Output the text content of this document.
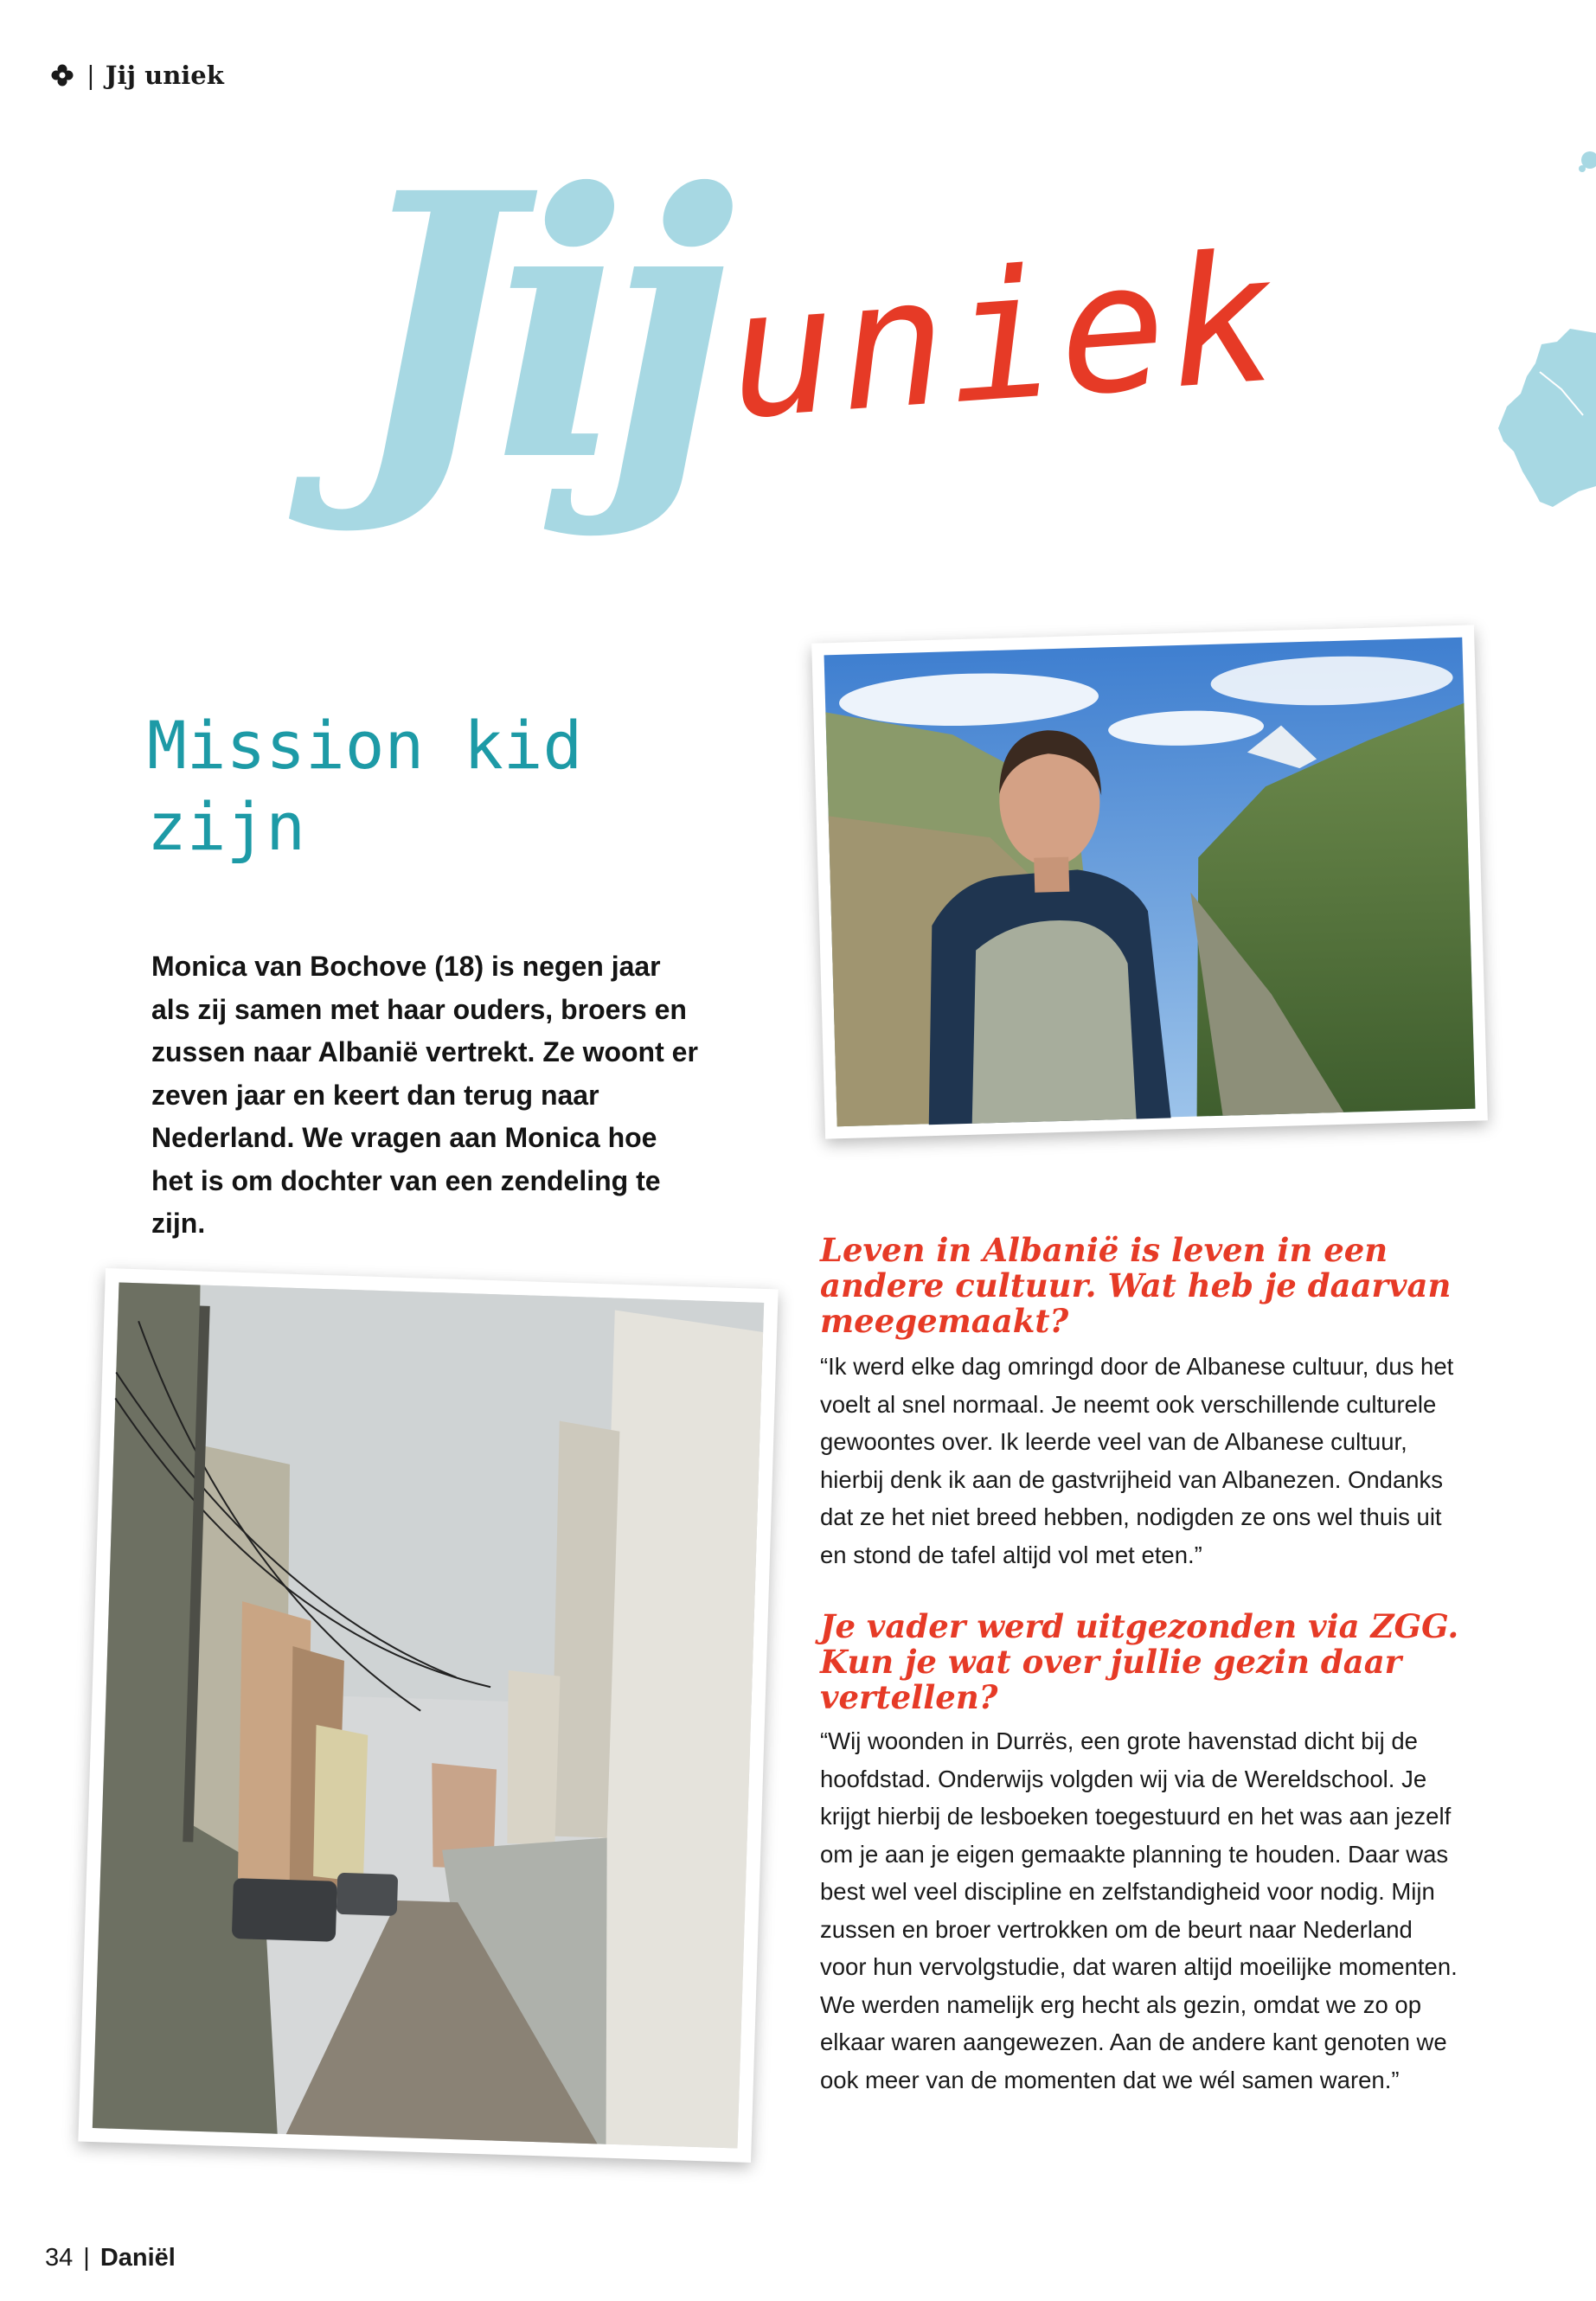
| Jij uniek
Jij uniek
Mission kid zijn
Monica van Bochove (18) is negen jaar als zij samen met haar ouders, broers en zussen naar Albanië vertrekt. Ze woont er zeven jaar en keert dan terug naar Nederland. We vragen aan Monica hoe het is om dochter van een zendeling te zijn.
Leven in Albanië is leven in een andere cultuur. Wat heb je daarvan meegemaakt?
“Ik werd elke dag omringd door de Albanese cultuur, dus het voelt al snel normaal. Je neemt ook verschillende culturele gewoontes over. Ik leerde veel van de Albanese cultuur, hierbij denk ik aan de gastvrijheid van Albanezen. Ondanks dat ze het niet breed hebben, nodigden ze ons wel thuis uit en stond de tafel altijd vol met eten.”
Je vader werd uitgezonden via ZGG. Kun je wat over jullie gezin daar vertellen?
“Wij woonden in Durrës, een grote havenstad dicht bij de hoofdstad. Onderwijs volgden wij via de Wereldschool. Je krijgt hierbij de lesboeken toegestuurd en het was aan jezelf om je aan je eigen gemaakte planning te houden. Daar was best wel veel discipline en zelfstandigheid voor nodig. Mijn zussen en broer vertrokken om de beurt naar Nederland voor hun vervolgstudie, dat waren altijd moeilijke momenten. We werden namelijk erg hecht als gezin, omdat we zo op elkaar waren aangewezen. Aan de andere kant genoten we ook meer van de momenten dat we wél samen waren.”
34 | Daniël
